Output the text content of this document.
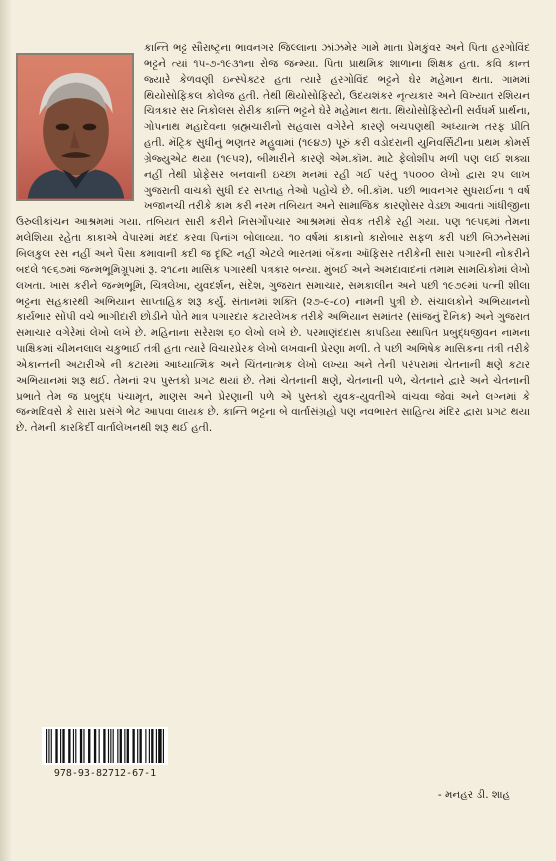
કાન્તિ ભટ્ટ સૌરાષ્ટ્રના ભાવનગર જિલ્લાના ઝાંઝમેર ગામે માતા પ્રેમકુંવર અને પિતા હરગોવિંદ ભટ્ટને ત્યાં ૧૫-૭-૧૯૩૧ના રોજ જન્મ્યા. પિતા પ્રાથમિક શાળાના શિક્ષક હતા. કવિ કાન્ત જ્યારે કેળવણી ઇન્સ્પેક્ટર હતા ત્યારે હરગોવિંદ ભટ્ટને ઘેર મહેમાન થતા. ગામમાં થિયોસોફિકલ કોલેજ હતી. તેથી થિયોસોફિસ્ટો, ઉદયશંકર નૃત્યકાર અને વિખ્યાત રશિયન ચિત્રકાર સર નિકોલસ રોરીક કાન્તિ ભટ્ટને ઘેરે મહેમાન થતા. થિયોસોફિસ્ટોની સર્વધર્મ પ્રાર્થના, ગોપનાથ મહાદેવના બ્રહ્મચારીનો સહવાસ વગેરેને કારણે બચપણથી અધ્યાત્મ તરફ પ્રીતિ હતી. મૅટ્રિક સુધીનું ભણતર મહુવામાં (૧૯૪૭) પૂરું કરી વડોદરાની યુનિવર્સિટીના પ્રથમ કોમર્સ ગ્રેજ્યુએટ થયા (૧૯૫૨), બીમારીને કારણે એમ.કૉમ. માટે ફેલોશીપ મળી પણ લઈ શક્યા નહીં તેથી પ્રોફેસર બનવાની ઇચ્છા મનમાં રહી ગઈ પરંતુ ૧૫૦૦૦ લેખો દ્વારા ૨૫ લાખ ગુજરાતી વાચકો સુધી દર સપ્તાહ તેઓ પહોંચે છે. બી.કૉમ. પછી ભાવનગર સુધરાઈના ૧ વર્ષ ખજાનચી તરીકે કામ કરી નરમ તબિયત અને સામાજિક કારણોસર વેડછા આવતાં ગાંધીજીના ઉરુલીકાંચન આશ્રમમાં ગયા. તબિયત સારી કરીને નિસર્ગોપચાર આશ્રમમાં સેવક તરીકે રહી ગયા. પણ ૧૯૫૬માં તેમના મલેશિયા રહેતા કાકાએ વેપારમાં મદદ કરવા પિનાંગ બોલાવ્યા. ૧૦ વર્ષમાં કાકાનો કારોબાર સફળ કરી પછી બિઝનેસમાં બિલકુલ રસ નહીં અને પૈસા કમાવાની કદી જ દૃષ્ટિ નહીં એટલે ભારતમાં બૅંકના ઑફિસર તરીકેની સારા પગારની નોકરીને બદલે ૧૯૬૭માં જન્મભૂમિગ્રૂપમાં રૂ. ૨૧૮ના માસિક પગારથી પત્રકાર બન્યા. મુંબઈ અને અમદાવાદનાં તમામ સામયિકોમાં લેખો લખતા. ખાસ કરીને જન્મભૂમિ, ચિત્રલેખા, યુવદર્શન, સંદેશ, ગુજરાત સમાચાર, સમકાલીન અને પછી ૧૯૭૯માં પત્ની શીલા ભટ્ટના સહકારથી અભિયાન સાપ્તાહિક શરૂ કર્યું. સંતાનમાં શક્તિ (૨૭-૯-૮૦) નામની પુત્રી છે. સંચાલકોને અભિયાનનો કાર્યભાર સોંપી વચે ભાગીદારી છોડીને પોતે માત્ર પગારદાર કટારલેખક તરીકે અભિયાન સમાંતર (સાંજનું દૈનિક) અને ગુજરાત સમાચાર વગેરેમાં લેખો લખે છે. મહિનાના સરેરાશ ૬૦ લેખો લખે છે. પરમાણંદદાસ કાપડિયા સ્થાપિત પ્રબુદ્ધજીવન નામના પાક્ષિકમાં ચીમનલાલ ચકુભાઈ તંત્રી હતા ત્યારે વિચારપ્રેરક લેખો લખવાની પ્રેરણા મળી. તે પછી અભિષેક માસિકના તંત્રી તરીકે એકાન્તની અટારીએ ની કટારમાં આધ્યાત્મિક અને ચિંતનાત્મક લેખો લખ્યા અને તેની પરંપરામાં ચેતનાની ક્ષણે કટાર અભિયાનમાં શરૂ થઈ. તેમનાં ૨૫ પુસ્તકો પ્રગટ થયાં છે. તેમાં ચેતનાની ક્ષણે, ચેતનાની પળે, ચેતનાને દ્વારે અને ચેતનાની પ્રભાતે તેમ જ પ્રબુદ્ધ પંચામૃત, માણસ અને પ્રેરણાની પળે એ પુસ્તકો યુવક-યુવતીએ વાંચવા જેવાં અને લગ્નમાં કે જન્મદિવસે કે સારા પ્રસંગે ભેટ આપવા લાયક છે. કાન્તિ ભટ્ટના બે વાર્તાસંગ્રહો પણ નવભારત સાહિત્ય મંદિર દ્વારા પ્રગટ થયા છે. તેમની કારકિર્દી વાર્તાલેખનથી શરૂ થઈ હતી.

978-93-82712-67-1
- મનહર ડી. શાહ
